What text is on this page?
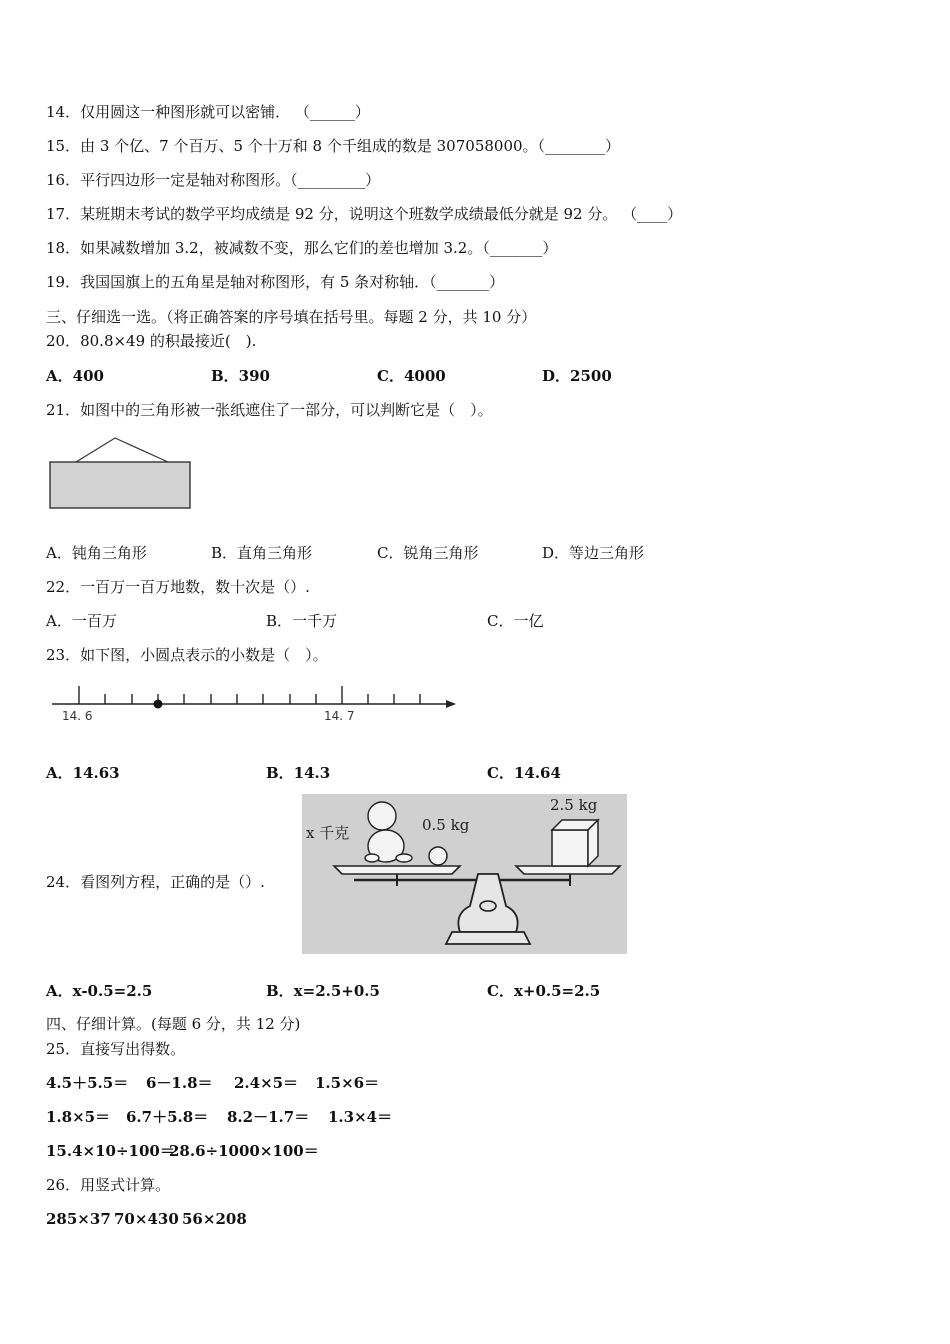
14．仅用圆这一种图形就可以密铺． （______）
15．由 3 个亿、7 个百万、5 个十万和 8 个千组成的数是 307058000。（________）
16．平行四边形一定是轴对称图形。（_________）
17．某班期末考试的数学平均成绩是 92 分，说明这个班数学成绩最低分就是 92 分。 （____）
18．如果减数增加 3.2，被减数不变，那么它们的差也增加 3.2。（_______）
19．我国国旗上的五角星是轴对称图形，有 5 条对称轴．（_______）
三、仔细选一选。（将正确答案的序号填在括号里。每题 2 分，共 10 分）
20．80.8×49 的积最接近(　).
A．400	B．390	C．4000	D．2500
21．如图中的三角形被一张纸遮住了一部分，可以判断它是（　）。
A．钝角三角形	B．直角三角形	C．锐角三角形	D．等边三角形
22．一百万一百万地数，数十次是（）.
A．一百万	B．一千万	C．一亿
23．如下图，小圆点表示的小数是（　）。
14. 6	14. 7
A．14.63	B．14.3	C．14.64
24．看图列方程，正确的是（）.
x 千克	0.5 kg
2.5 kg
A．x-0.5=2.5	B．x=2.5+0.5	C．x+0.5=2.5
四、仔细计算。(每题 6 分，共 12 分)
25．直接写出得数。
4.5＋5.5＝ 6－1.8＝ 2.4×5＝ 1.5×6＝
1.8×5＝ 6.7＋5.8＝ 8.2－1.7＝ 1.3×4＝
15.4×10÷100＝
28.6÷1000×100＝
26．用竖式计算。
285×37 70×430 56×208
